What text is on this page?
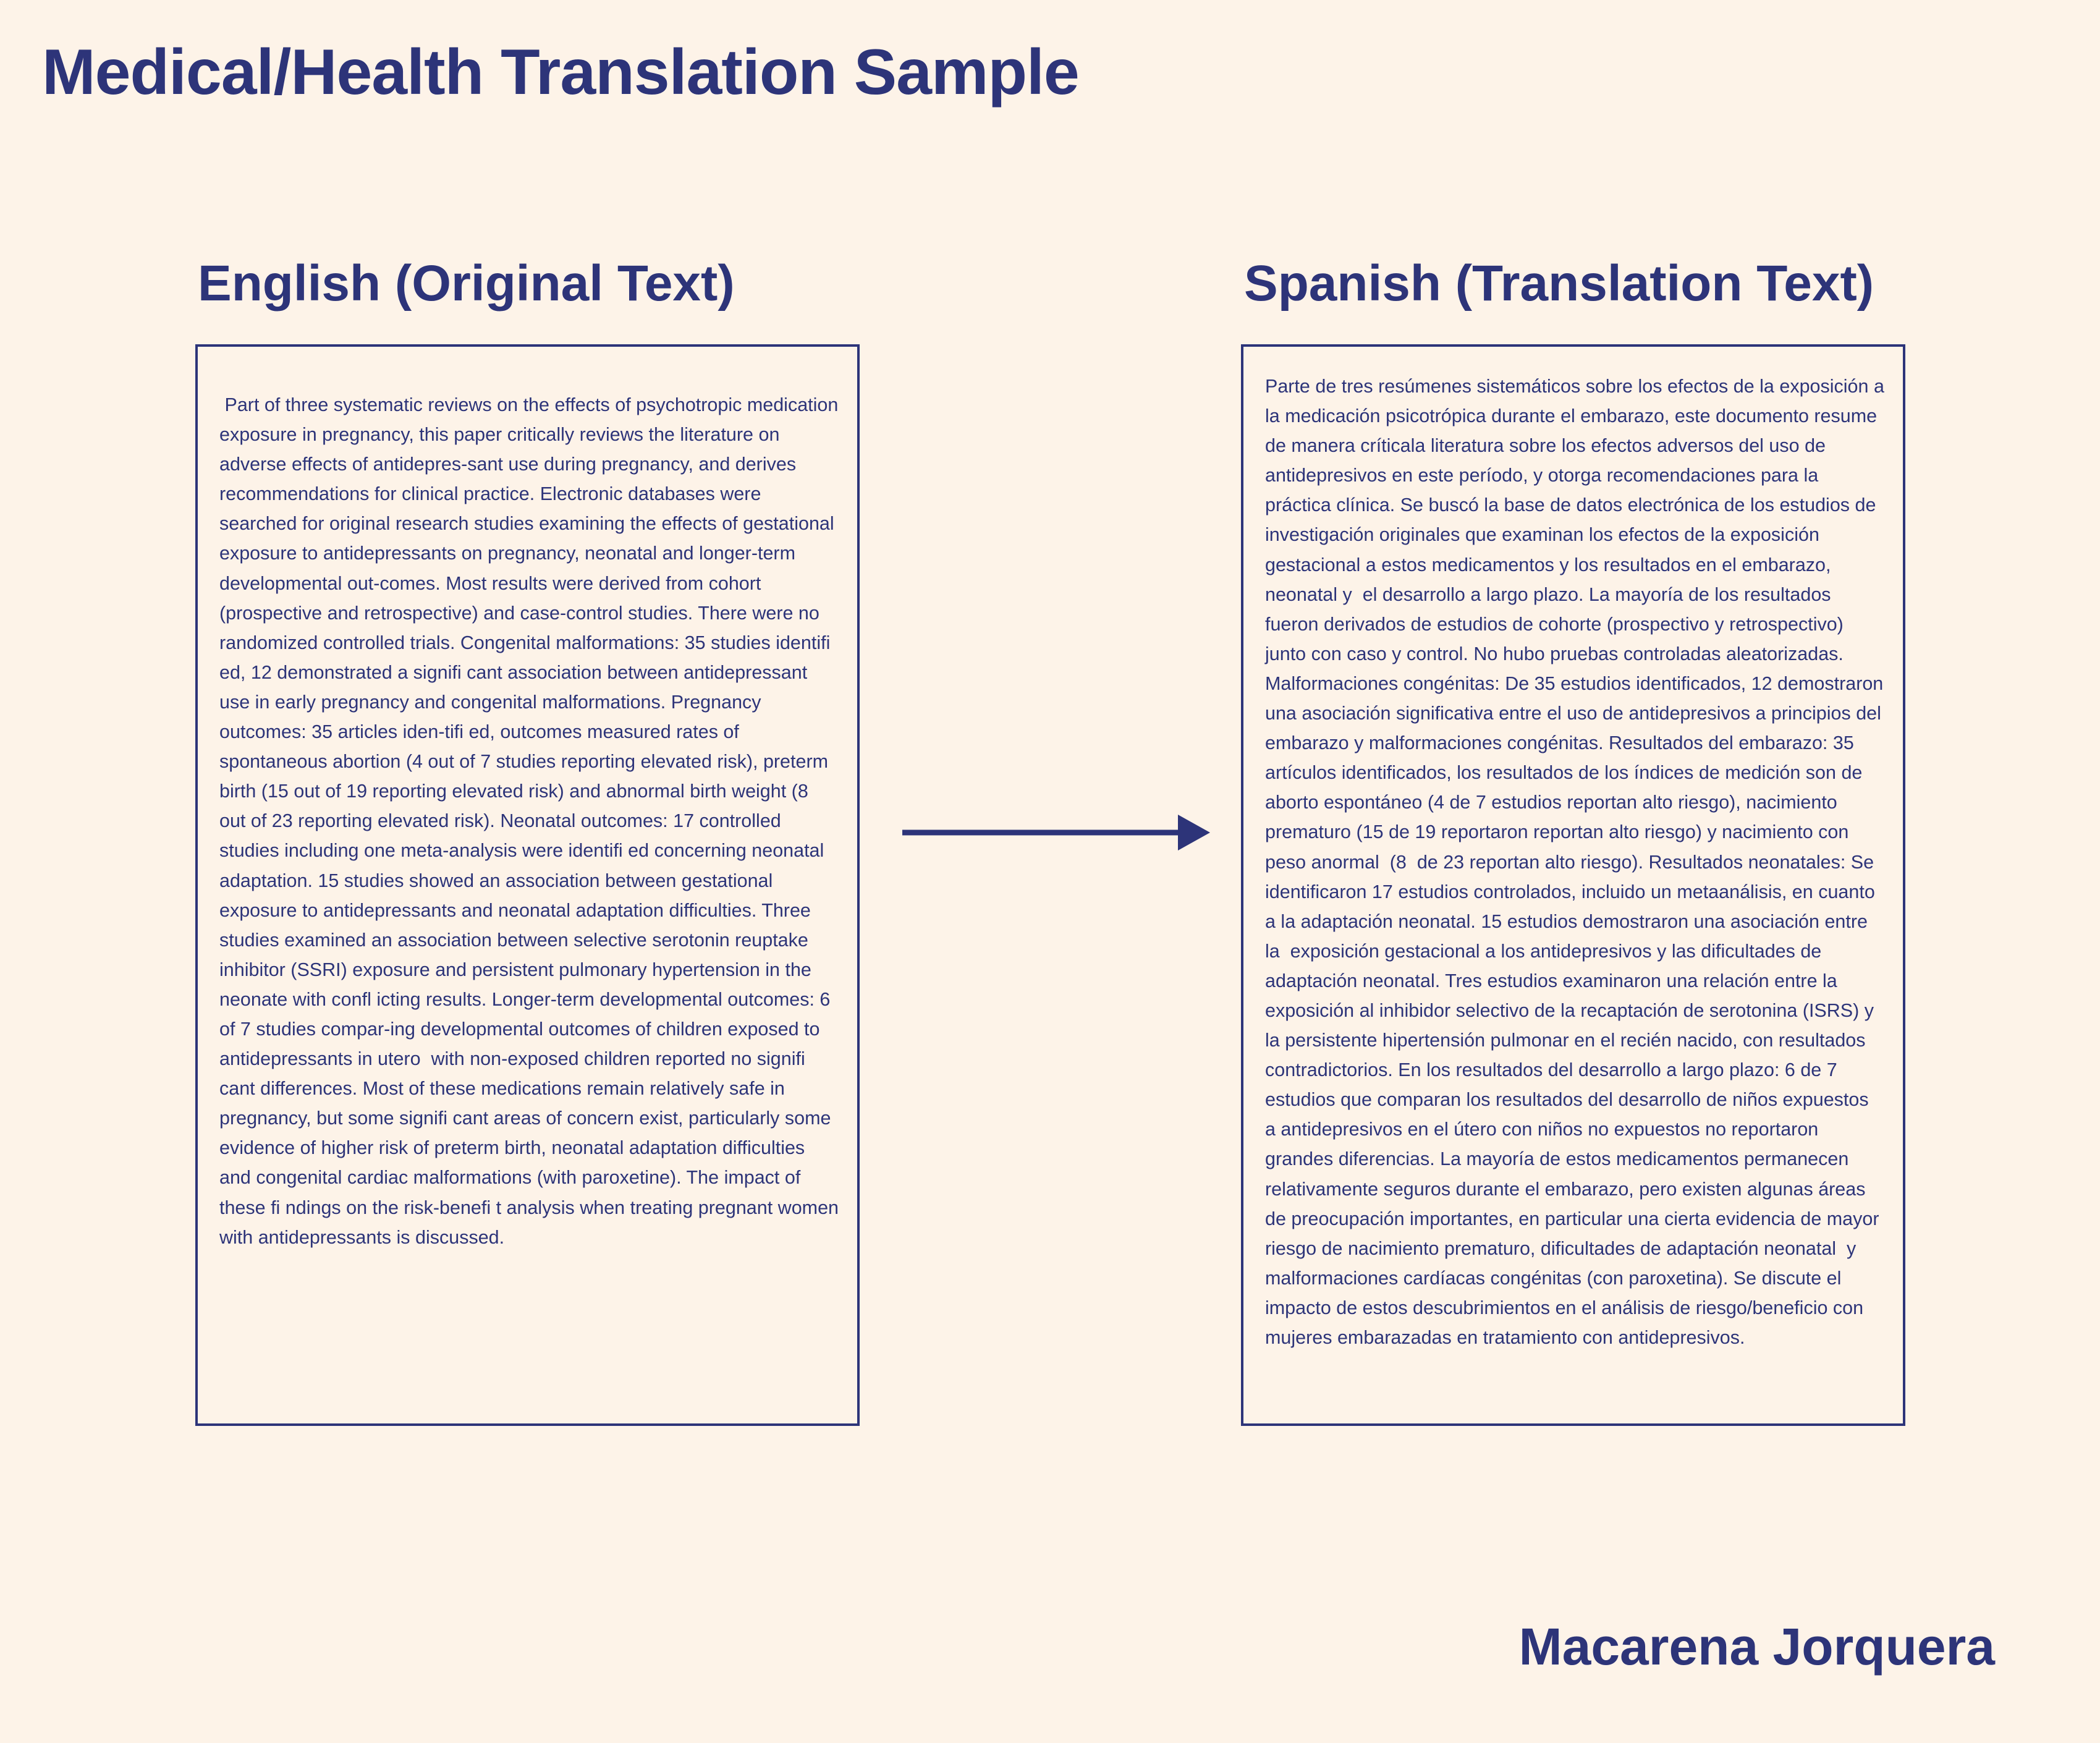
Medical/Health Translation Sample
English (Original Text)	Spanish (Translation Text)

Part of three systematic reviews on the effects of psychotropic medication exposure in pregnancy, this paper critically reviews the literature on adverse effects of antidepres-sant use during pregnancy, and derives recommendations for clinical practice. Electronic databases were searched for original research studies examining the effects of gestational exposure to antidepressants on pregnancy, neonatal and longer-term developmental out-comes. Most results were derived from cohort (prospective and retrospective) and case-control studies. There were no randomized controlled trials. Congenital malformations: 35 studies identifi ed, 12 demonstrated a signifi cant association between antidepressant use in early pregnancy and congenital malformations. Pregnancy outcomes: 35 articles iden-tifi ed, outcomes measured rates of spontaneous abortion (4 out of 7 studies reporting elevated risk), preterm birth (15 out of 19 reporting elevated risk) and abnormal birth weight (8 out of 23 reporting elevated risk). Neonatal outcomes: 17 controlled studies including one meta-analysis were identifi ed concerning neonatal adaptation. 15 studies showed an association between gestational exposure to antidepressants and neonatal adaptation difficulties. Three studies examined an association between selective serotonin reuptake inhibitor (SSRI) exposure and persistent pulmonary hypertension in the neonate with confl icting results. Longer-term developmental outcomes: 6 of 7 studies compar-ing developmental outcomes of children exposed to antidepressants in utero  with non-exposed children reported no signifi cant differences. Most of these medications remain relatively safe in pregnancy, but some signifi cant areas of concern exist, particularly some evidence of higher risk of preterm birth, neonatal adaptation difficulties and congenital cardiac malformations (with paroxetine). The impact of these fi ndings on the risk-benefi t analysis when treating pregnant women with antidepressants is discussed.

Parte de tres resúmenes sistemáticos sobre los efectos de la exposición a la medicación psicotrópica durante el embarazo, este documento resume de manera críticala literatura sobre los efectos adversos del uso de antidepresivos en este período, y otorga recomendaciones para la  práctica clínica. Se buscó la base de datos electrónica de los estudios de investigación originales que examinan los efectos de la exposición gestacional a estos medicamentos y los resultados en el embarazo, neonatal y  el desarrollo a largo plazo. La mayoría de los resultados fueron derivados de estudios de cohorte (prospectivo y retrospectivo) junto con caso y control. No hubo pruebas controladas aleatorizadas. Malformaciones congénitas: De 35 estudios identificados, 12 demostraron una asociación significativa entre el uso de antidepresivos a principios del embarazo y malformaciones congénitas. Resultados del embarazo: 35 artículos identificados, los resultados de los índices de medición son de aborto espontáneo (4 de 7 estudios reportan alto riesgo), nacimiento prematuro (15 de 19 reportaron reportan alto riesgo) y nacimiento con peso anormal  (8  de 23 reportan alto riesgo). Resultados neonatales: Se identificaron 17 estudios controlados, incluido un metaanálisis, en cuanto a la adaptación neonatal. 15 estudios demostraron una asociación entre la  exposición gestacional a los antidepresivos y las dificultades de adaptación neonatal. Tres estudios examinaron una relación entre la exposición al inhibidor selectivo de la recaptación de serotonina (ISRS) y la persistente hipertensión pulmonar en el recién nacido, con resultados contradictorios. En los resultados del desarrollo a largo plazo: 6 de 7 estudios que comparan los resultados del desarrollo de niños expuestos a antidepresivos en el útero con niños no expuestos no reportaron grandes diferencias. La mayoría de estos medicamentos permanecen relativamente seguros durante el embarazo, pero existen algunas áreas de preocupación importantes, en particular una cierta evidencia de mayor riesgo de nacimiento prematuro, dificultades de adaptación neonatal  y malformaciones cardíacas congénitas (con paroxetina). Se discute el impacto de estos descubrimientos en el análisis de riesgo/beneficio con mujeres embarazadas en tratamiento con antidepresivos.

Macarena Jorquera
